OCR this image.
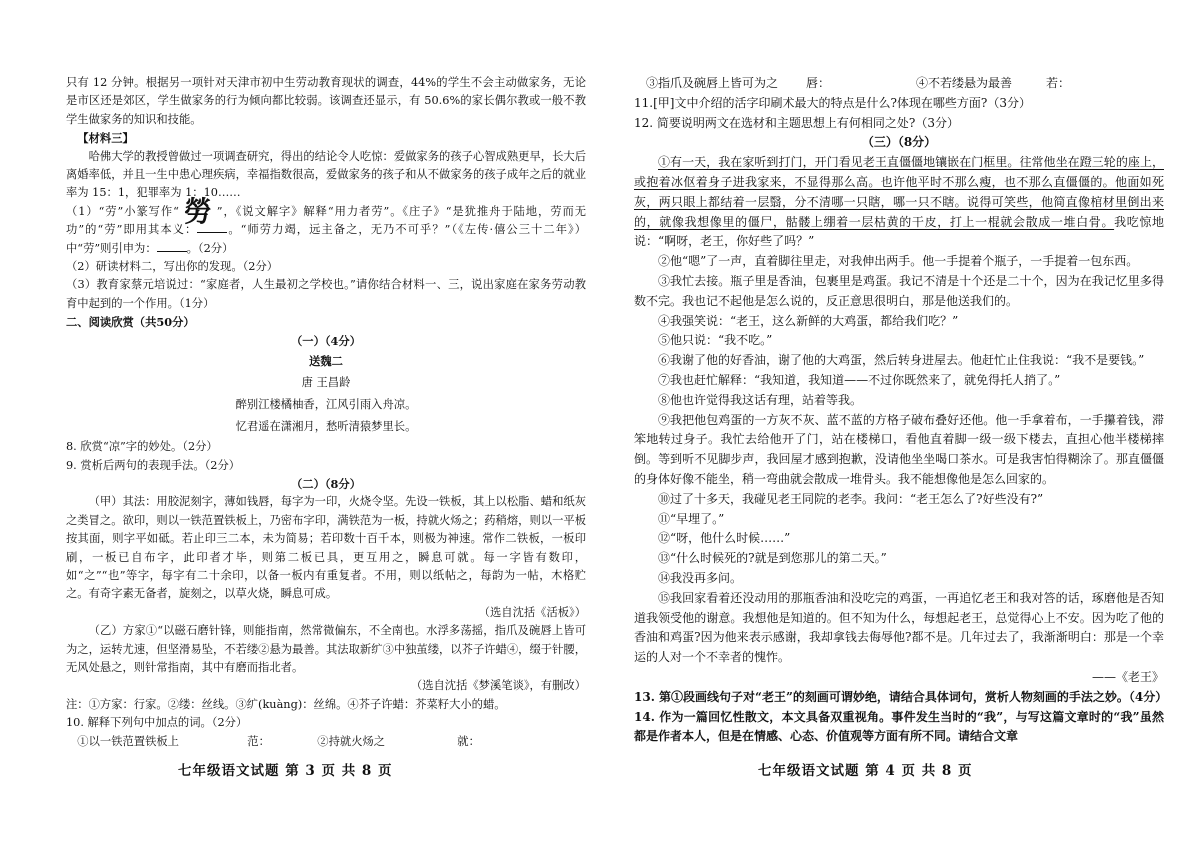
只有 12 分钟。根据另一项针对天津市初中生劳动教育现状的调查，44%的学生不会主动做家务，无论是市区还是郊区，学生做家务的行为倾向都比较弱。该调查还显示，有 50.6%的家长偶尔教或一般不教学生做家务的知识和技能。

【材料三】

哈佛大学的教授曾做过一项调查研究，得出的结论令人吃惊：爱做家务的孩子心智成熟更早，长大后离婚率低，并且一生中患心理疾病，幸福指数很高，爱做家务的孩子和从不做家务的孩子成年之后的就业率为 15：1，犯罪率为 1：10……

（1）“劳”小篆写作“ 勞 ”，《说文解字》解释“用力者劳”。《庄子》“是犹推舟于陆地，劳而无功”的“劳”即用其本义：	。“师劳力竭，远主备之，无乃不可乎？”（《左传·僖公三十二年》）中“劳”则引申为：	。（2分）

（2）研读材料二，写出你的发现。（2分）

（3）教育家蔡元培说过：“家庭者，人生最初之学校也。”请你结合材料一、三，说出家庭在家务劳动教育中起到的一个作用。（1分）

二、阅读欣赏（共50分）

（一）（4分）

送魏二

唐 王昌龄

醉别江楼橘柚香，江风引雨入舟凉。

忆君遥在潇湘月，愁听清猿梦里长。

8. 欣赏“凉”字的妙处。（2分）

9. 赏析后两句的表现手法。（2分）

（二）（8分）

（甲）其法：用胶泥刻字，薄如钱唇，每字为一印，火烧令坚。先设一铁板，其上以松脂、蜡和纸灰之类冒之。欲印，则以一铁范置铁板上，乃密布字印，满铁范为一板，持就火炀之；药稍熔，则以一平板按其面，则字平如砥。若止印三二本，未为简易；若印数十百千本，则极为神速。常作二铁板，一板印刷，一板已自布字，此印者才毕，则第二板已具，更互用之，瞬息可就。每一字皆有数印，如“之”“也”等字，每字有二十余印，以备一板内有重复者。不用，则以纸帖之，每韵为一帖，木格贮之。有奇字素无备者，旋刻之，以草火烧，瞬息可成。

（选自沈括《活板》）

（乙）方家①“以磁石磨针锋，则能指南，然常微偏东，不全南也。水浮多荡摇，指爪及碗唇上皆可为之，运转尤速，但坚滑易坠，不若缕②悬为最善。其法取新纩③中独茧缕，以芥子许蜡④，缀于针腰，无风处悬之，则针常指南，其中有磨而指北者。

（选自沈括《梦溪笔谈》，有删改）

注：①方家：行家。②缕：丝线。③纩(kuàng)：丝绵。④芥子许蜡：芥菜籽大小的蜡。

10. 解释下列句中加点的词。（2分）

①以一铁范置铁板上	范：	②持就火炀之	就：

七年级语文试题 第 3 页 共 8 页

③指爪及碗唇上皆可为之	唇：	④不若缕悬为最善	若：

11.[甲]文中介绍的活字印刷术最大的特点是什么?体现在哪些方面?（3分）

12. 简要说明两文在选材和主题思想上有何相同之处?（3分）

（三）（8分）

①有一天，我在家听到打门，开门看见老王直僵僵地镶嵌在门框里。往常他坐在蹬三轮的座上，或抱着冰伛着身子进我家来，不显得那么高。也许他平时不那么瘦，也不那么直僵僵的。他面如死灰，两只眼上都结着一层翳，分不清哪一只瞎，哪一只不瞎。说得可笑些，他简直像棺材里倒出来的，就像我想像里的僵尸，骷髅上绷着一层枯黄的干皮，打上一棍就会散成一堆白骨。我吃惊地说：“啊呀，老王，你好些了吗？”

②他“嗯”了一声，直着脚往里走，对我伸出两手。他一手提着个瓶子，一手提着一包东西。

③我忙去接。瓶子里是香油，包裹里是鸡蛋。我记不清是十个还是二十个，因为在我记忆里多得数不完。我也记不起他是怎么说的，反正意思很明白，那是他送我们的。

④我强笑说：“老王，这么新鲜的大鸡蛋，都给我们吃？”

⑤他只说：“我不吃。”

⑥我谢了他的好香油，谢了他的大鸡蛋，然后转身进屋去。他赶忙止住我说：“我不是要钱。”

⑦我也赶忙解释：“我知道，我知道——不过你既然来了，就免得托人捎了。”

⑧他也许觉得我这话有理，站着等我。

⑨我把他包鸡蛋的一方灰不灰、蓝不蓝的方格子破布叠好还他。他一手拿着布，一手攥着钱，滞笨地转过身子。我忙去给他开了门，站在楼梯口，看他直着脚一级一级下楼去，直担心他半楼梯摔倒。等到听不见脚步声，我回屋才感到抱歉，没请他坐坐喝口茶水。可是我害怕得糊涂了。那直僵僵的身体好像不能坐，稍一弯曲就会散成一堆骨头。我不能想像他是怎么回家的。

⑩过了十多天，我碰见老王同院的老李。我问：“老王怎么了?好些没有?”

⑪“早埋了。”

⑫“呀，他什么时候……”

⑬“什么时候死的?就是到您那儿的第二天。”

⑭我没再多问。

⑮我回家看着还没动用的那瓶香油和没吃完的鸡蛋，一再追忆老王和我对答的话，琢磨他是否知道我领受他的谢意。我想他是知道的。但不知为什么，每想起老王，总觉得心上不安。因为吃了他的香油和鸡蛋?因为他来表示感谢，我却拿钱去侮辱他?都不是。几年过去了，我渐渐明白：那是一个幸运的人对一个不幸者的愧怍。

——《老王》

13. 第①段画线句子对“老王”的刻画可谓妙绝，请结合具体词句，赏析人物刻画的手法之妙。（4分）

14. 作为一篇回忆性散文，本文具备双重视角。事件发生当时的“我”，与写这篇文章时的“我”虽然都是作者本人，但是在情感、心态、价值观等方面有所不同。请结合文章

七年级语文试题 第 4 页 共 8 页
